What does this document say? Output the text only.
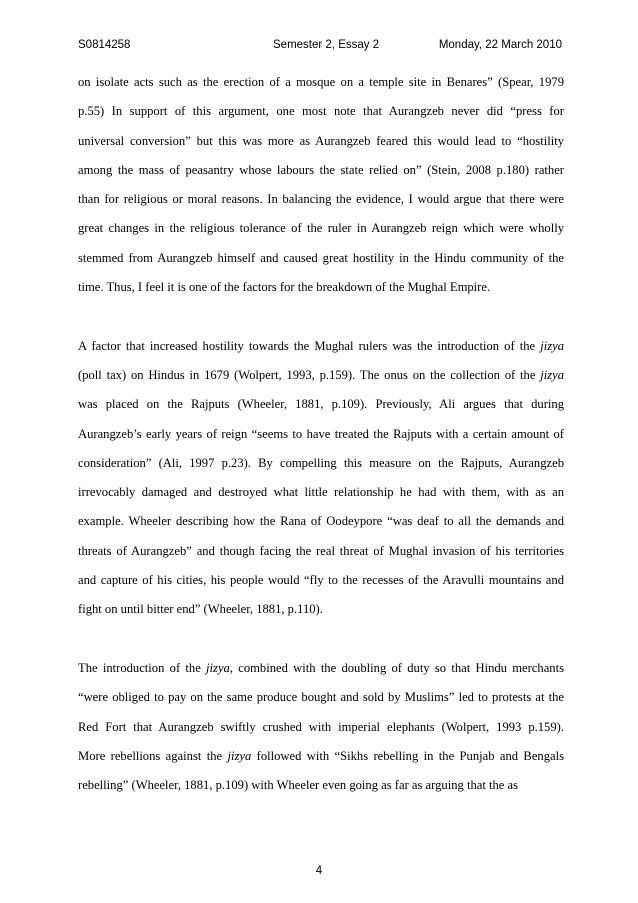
S0814258	Semester 2, Essay 2	Monday, 22 March 2010
on isolate acts such as the erection of a mosque on a temple site in Benares” (Spear, 1979
p.55) In support of this argument, one most note that Aurangzeb never did “press for
universal conversion” but this was more as Aurangzeb feared this would lead to “hostility
among the mass of peasantry whose labours the state relied on” (Stein, 2008 p.180) rather
than for religious or moral reasons. In balancing the evidence, I would argue that there were
great changes in the religious tolerance of the ruler in Aurangzeb reign which were wholly
stemmed from Aurangzeb himself and caused great hostility in the Hindu community of the
time. Thus, I feel it is one of the factors for the breakdown of the Mughal Empire.
A factor that increased hostility towards the Mughal rulers was the introduction of the jizya
(poll tax) on Hindus in 1679 (Wolpert, 1993, p.159). The onus on the collection of the jizya
was placed on the Rajputs (Wheeler, 1881, p.109). Previously, Ali argues that during
Aurangzeb’s early years of reign “seems to have treated the Rajputs with a certain amount of
consideration” (Ali, 1997 p.23). By compelling this measure on the Rajputs, Aurangzeb
irrevocably damaged and destroyed what little relationship he had with them, with as an
example. Wheeler describing how the Rana of Oodeypore “was deaf to all the demands and
threats of Aurangzeb” and though facing the real threat of Mughal invasion of his territories
and capture of his cities, his people would “fly to the recesses of the Aravulli mountains and
fight on until bitter end” (Wheeler, 1881, p.110).
The introduction of the jizya, combined with the doubling of duty so that Hindu merchants
“were obliged to pay on the same produce bought and sold by Muslims” led to protests at the
Red Fort that Aurangzeb swiftly crushed with imperial elephants (Wolpert, 1993 p.159).
More rebellions against the jizya followed with “Sikhs rebelling in the Punjab and Bengals
rebelling” (Wheeler, 1881, p.109) with Wheeler even going as far as arguing that the as
4
